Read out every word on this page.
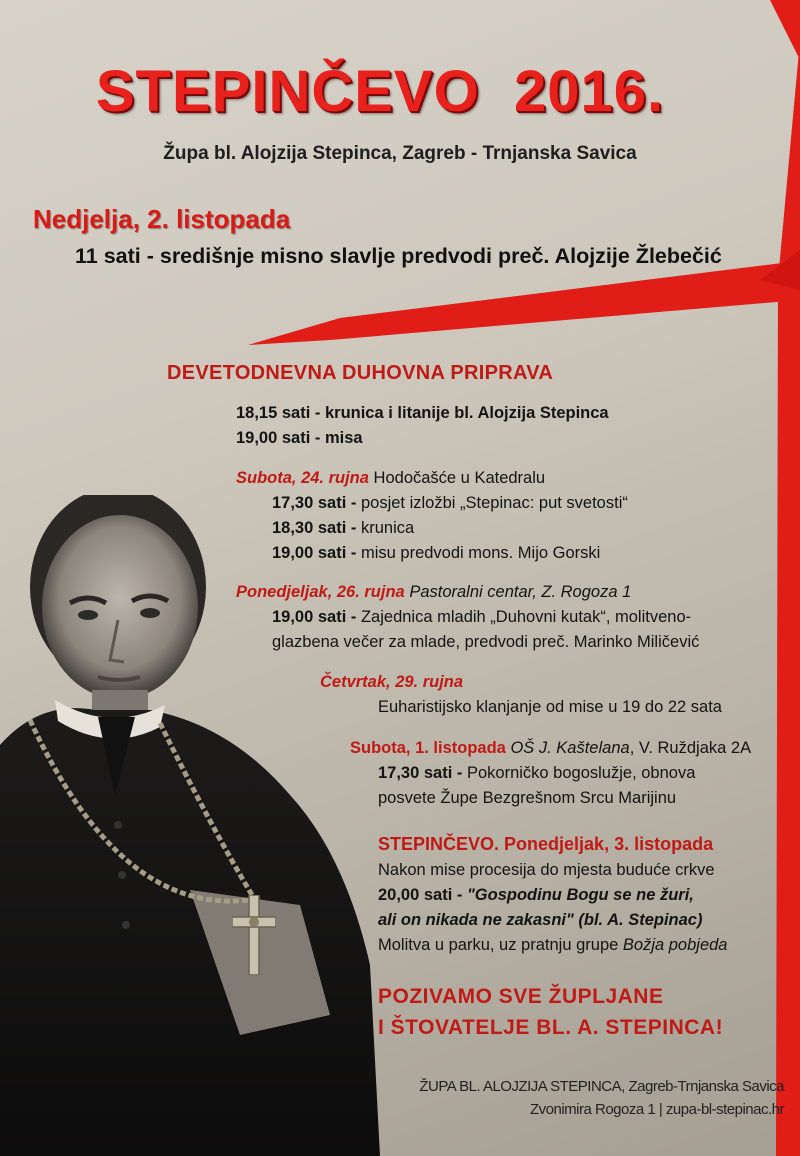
STEPINČEVO  2016.
Župa bl. Alojzija Stepinca, Zagreb - Trnjanska Savica
Nedjelja, 2. listopada
11 sati - središnje misno slavlje predvodi preč. Alojzije Žlebečić
DEVETODNEVNA DUHOVNA PRIPRAVA
18,15 sati - krunica i litanije bl. Alojzija Stepinca
19,00 sati - misa
Subota, 24. rujna Hodočašće u Katedralu
17,30 sati - posjet izložbi „Stepinac: put svetosti“
18,30 sati - krunica
19,00 sati - misu predvodi mons. Mijo Gorski
Ponedjeljak, 26. rujna Pastoralni centar, Z. Rogoza 1
19,00 sati - Zajednica mladih „Duhovni kutak“, molitveno-
glazbena večer za mlade, predvodi preč. Marinko Miličević
Četvrtak, 29. rujna
Euharistijsko klanjanje od mise u 19 do 22 sata
Subota, 1. listopada OŠ J. Kaštelana, V. Ruždjaka 2A
17,30 sati - Pokorničko bogoslužje, obnova
posvete Župe Bezgrešnom Srcu Marijinu
STEPINČEVO. Ponedjeljak, 3. listopada
Nakon mise procesija do mjesta buduće crkve
20,00 sati - "Gospodinu Bogu se ne žuri,
ali on nikada ne zakasni" (bl. A. Stepinac)
Molitva u parku, uz pratnju grupe Božja pobjeda
POZIVAMO SVE ŽUPLJANE
I ŠTOVATELJE BL. A. STEPINCA!
ŽUPA BL. ALOJZIJA STEPINCA, Zagreb-Trnjanska Savica
Zvonimira Rogoza 1 | zupa-bl-stepinac.hr
